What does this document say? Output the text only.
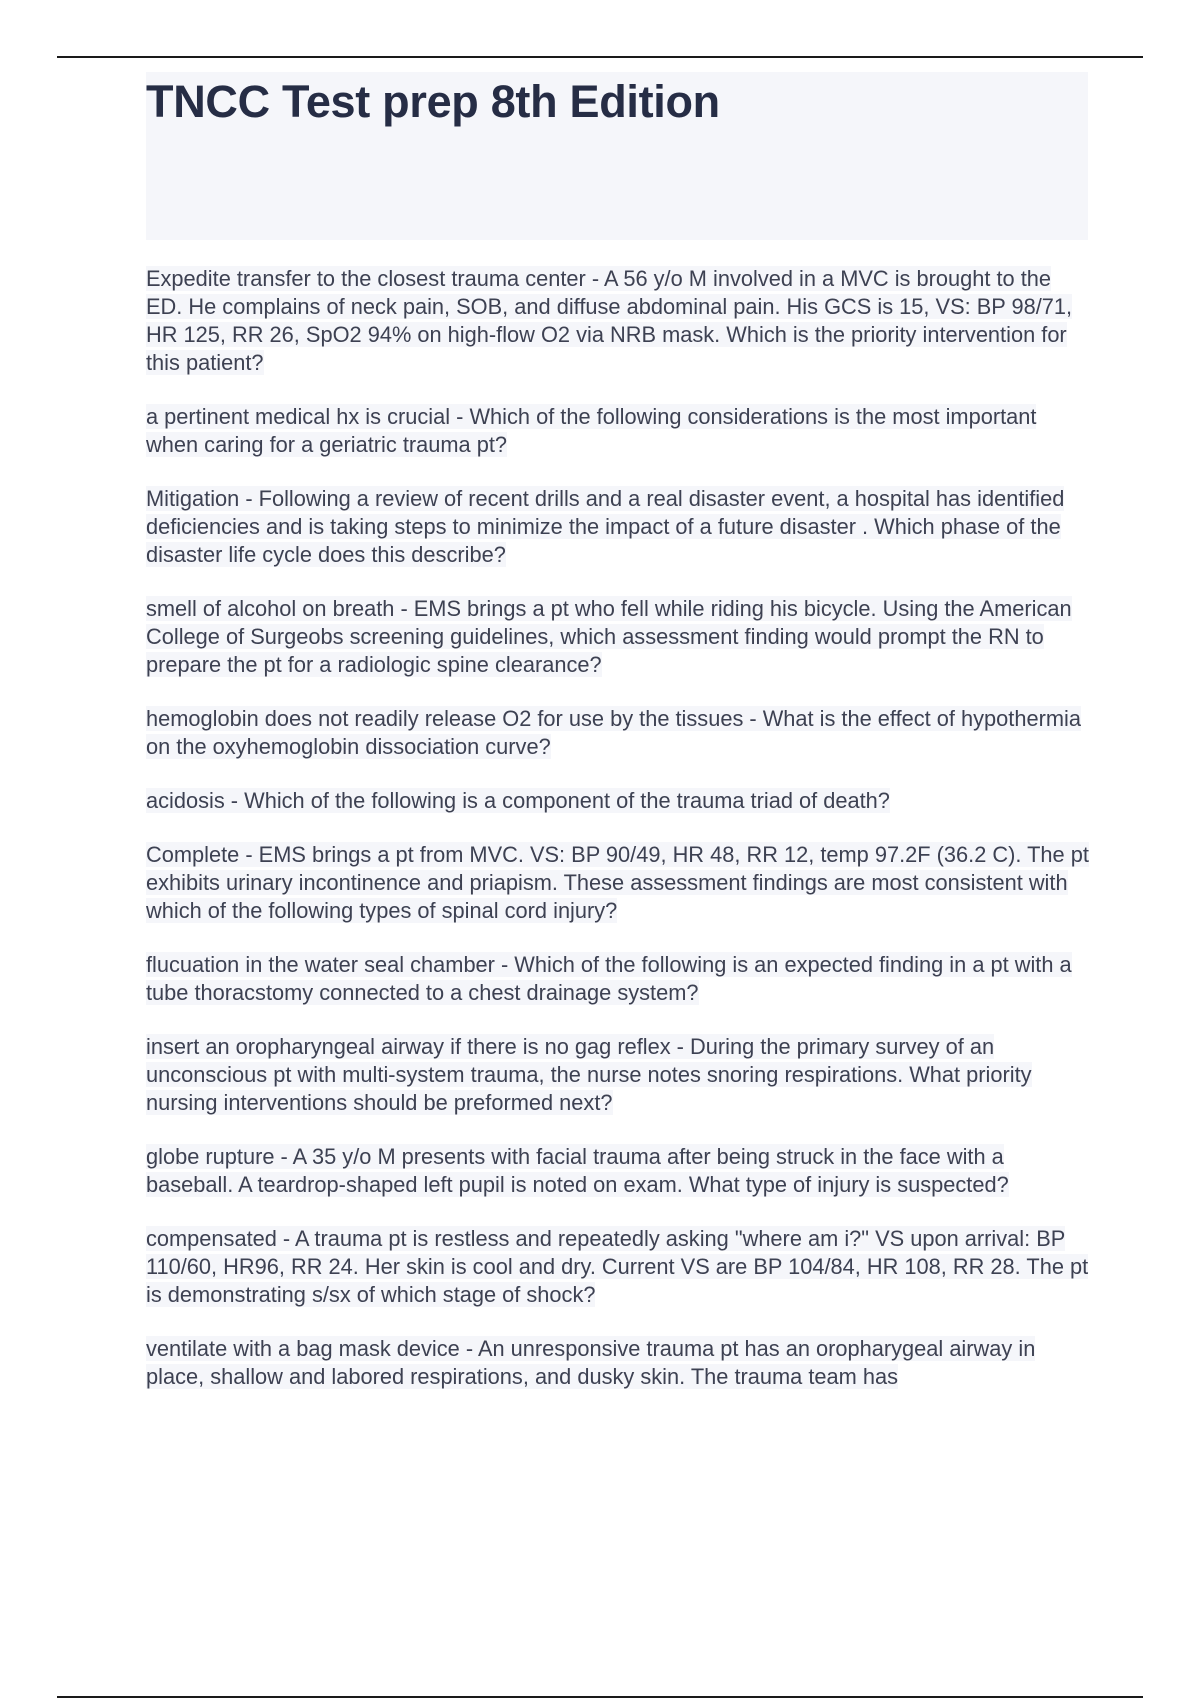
TNCC Test prep 8th Edition

Expedite transfer to the closest trauma center - A 56 y/o M involved in a MVC is brought to the ED. He complains of neck pain, SOB, and diffuse abdominal pain. His GCS is 15, VS: BP 98/71, HR 125, RR 26, SpO2 94% on high-flow O2 via NRB mask. Which is the priority intervention for this patient?

a pertinent medical hx is crucial - Which of the following considerations is the most important when caring for a geriatric trauma pt?

Mitigation - Following a review of recent drills and a real disaster event, a hospital has identified deficiencies and is taking steps to minimize the impact of a future disaster . Which phase of the disaster life cycle does this describe?

smell of alcohol on breath - EMS brings a pt who fell while riding his bicycle. Using the American College of Surgeobs screening guidelines, which assessment finding would prompt the RN to prepare the pt for a radiologic spine clearance?

hemoglobin does not readily release O2 for use by the tissues - What is the effect of hypothermia on the oxyhemoglobin dissociation curve?

acidosis - Which of the following is a component of the trauma triad of death?

Complete - EMS brings a pt from MVC. VS: BP 90/49, HR 48, RR 12, temp 97.2F (36.2 C). The pt exhibits urinary incontinence and priapism. These assessment findings are most consistent with which of the following types of spinal cord injury?

flucuation in the water seal chamber - Which of the following is an expected finding in a pt with a tube thoracstomy connected to a chest drainage system?

insert an oropharyngeal airway if there is no gag reflex - During the primary survey of an unconscious pt with multi-system trauma, the nurse notes snoring respirations. What priority nursing interventions should be preformed next?

globe rupture - A 35 y/o M presents with facial trauma after being struck in the face with a baseball. A teardrop-shaped left pupil is noted on exam. What type of injury is suspected?

compensated - A trauma pt is restless and repeatedly asking "where am i?" VS upon arrival: BP 110/60, HR96, RR 24. Her skin is cool and dry. Current VS are BP 104/84, HR 108, RR 28. The pt is demonstrating s/sx of which stage of shock?

ventilate with a bag mask device - An unresponsive trauma pt has an oropharygeal airway in place, shallow and labored respirations, and dusky skin. The trauma team has
